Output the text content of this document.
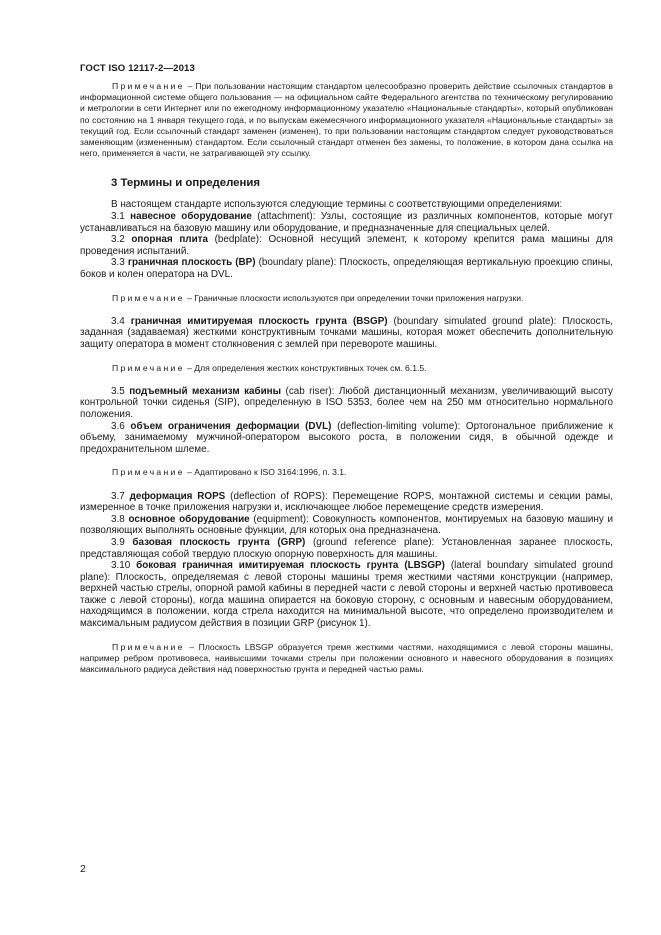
ГОСТ ISO 12117-2—2013

Примечание – При пользовании настоящим стандартом целесообразно проверить действие ссылочных стандартов в информационной системе общего пользования — на официальном сайте Федерального агентства по техническому регулированию и метрологии в сети Интернет или по ежегодному информационному указателю «Национальные стандарты», который опубликован по состоянию на 1 января текущего года, и по выпускам ежемесячного информационного указателя «Национальные стандарты» за текущий год. Если ссылочный стандарт заменен (изменен), то при пользовании настоящим стандартом следует руководствоваться заменяющим (измененным) стандартом. Если ссылочный стандарт отменен без замены, то положение, в котором дана ссылка на него, применяется в части, не затрагивающей эту ссылку.

3 Термины и определения

В настоящем стандарте используются следующие термины с соответствующими определениями:

3.1 навесное оборудование (attachment): Узлы, состоящие из различных компонентов, которые могут устанавливаться на базовую машину или оборудование, и предназначенные для специальных целей.

3.2 опорная плита (bedplate): Основной несущий элемент, к которому крепится рама машины для проведения испытаний.

3.3 граничная плоскость (BP) (boundary plane): Плоскость, определяющая вертикальную проекцию спины, боков и колен оператора на DVL.

Примечание – Граничные плоскости используются при определении точки приложения нагрузки.

3.4 граничная имитируемая плоскость грунта (BSGP) (boundary simulated ground plate): Плоскость, заданная (задаваемая) жесткими конструктивным точками машины, которая может обеспечить дополнительную защиту оператора в момент столкновения с землей при перевороте машины.

Примечание – Для определения жестких конструктивных точек см. 6.1.5.

3.5 подъемный механизм кабины (cab riser): Любой дистанционный механизм, увеличивающий высоту контрольной точки сиденья (SIP), определенную в ISO 5353, более чем на 250 мм относительно нормального положения.

3.6 объем ограничения деформации (DVL) (deflection-limiting volume): Ортогональное приближение к объему, занимаемому мужчиной-оператором высокого роста, в положении сидя, в обычной одежде и предохранительном шлеме.

Примечание – Адаптировано к ISO 3164:1996, п. 3.1.

3.7 деформация ROPS (deflection of ROPS): Перемещение ROPS, монтажной системы и секции рамы, измеренное в точке приложения нагрузки и, исключающее любое перемещение средств измерения.

3.8 основное оборудование (equipment): Совокупность компонентов, монтируемых на базовую машину и позволяющих выполнять основные функции, для которых она предназначена.

3.9 базовая плоскость грунта (GRP) (ground reference plane): Установленная заранее плоскость, представляющая собой твердую плоскую опорную поверхность для машины.

3.10 боковая граничная имитируемая плоскость грунта (LBSGP) (lateral boundary simulated ground plane): Плоскость, определяемая с левой стороны машины тремя жесткими частями конструкции (например, верхней частью стрелы, опорной рамой кабины в передней части с левой стороны и верхней частью противовеса также с левой стороны), когда машина опирается на боковую сторону, с основным и навесным оборудованием, находящимся в положении, когда стрела находится на минимальной высоте, что определено производителем и максимальным радиусом действия в позиции GRP (рисунок 1).

Примечание – Плоскость LBSGP образуется тремя жесткими частями, находящимися с левой стороны машины, например ребром противовеса, наивысшими точками стрелы при положении основного и навесного оборудования в позициях максимального радиуса действия над поверхностью грунта и передней частью рамы.

2
